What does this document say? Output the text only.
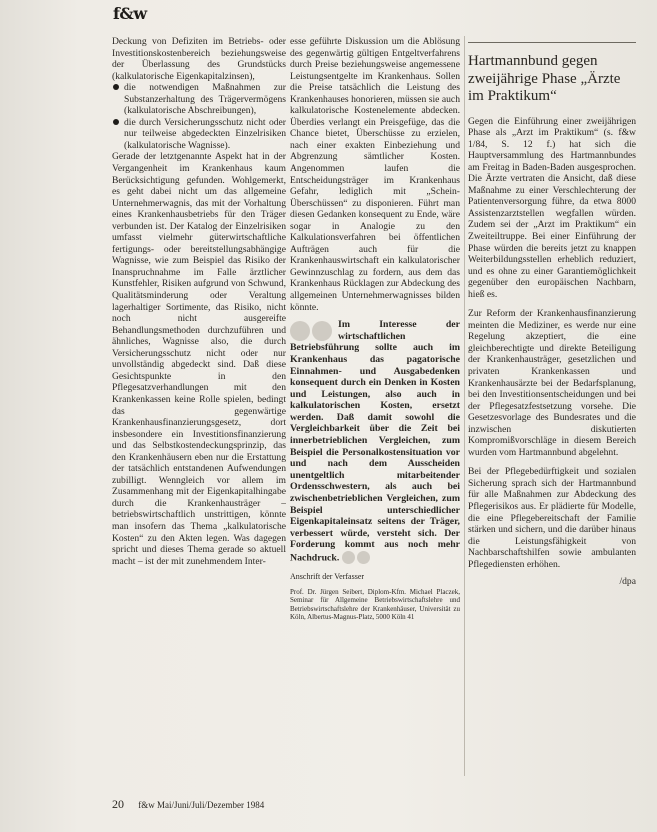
f&w

Deckung von Defiziten im Betriebs- oder Investitionskostenbereich beziehungsweise der Überlassung des Grundstücks (kalkulatorische Eigenkapitalzinsen),

die notwendigen Maßnahmen zur Substanzerhaltung des Trägervermögens (kalkulatorische Abschreibungen),
die durch Versicherungsschutz nicht oder nur teilweise abgedeckten Einzelrisiken (kalkulatorische Wagnisse).

Gerade der letztgenannte Aspekt hat in der Vergangenheit im Krankenhaus kaum Berücksichtigung gefunden. Wohlgemerkt, es geht dabei nicht um das allgemeine Unternehmerwagnis, das mit der Vorhaltung eines Krankenhausbetriebs für den Träger verbunden ist. Der Katalog der Einzelrisiken umfasst vielmehr güterwirtschaftliche fertigungs- oder bereitstellungsabhängige Wagnisse, wie zum Beispiel das Risiko der Inanspruchnahme im Falle ärztlicher Kunstfehler, Risiken aufgrund von Schwund, Qualitätsminderung oder Veraltung lagerhaltiger Sortimente, das Risiko, nicht noch nicht ausgereifte Behandlungsmethoden durchzuführen und ähnliches, Wagnisse also, die durch Versicherungsschutz nicht oder nur unvollständig abgedeckt sind. Daß diese Gesichtspunkte in den Pflegesatzverhandlungen mit den Krankenkassen keine Rolle spielen, bedingt das gegenwärtige Krankenhausfinanzierungsgesetz, dort insbesondere ein Investitionsfinanzierung und das Selbstkostendeckungsprinzip, das den Krankenhäusern eben nur die Erstattung der tatsächlich entstandenen Aufwendungen zubilligt. Wenngleich vor allem im Zusammenhang mit der Eigenkapitalhingabe durch die Krankenhausträger – betriebswirtschaftlich unstrittigen, könnte man insofern das Thema „kalkulatorische Kosten“ zu den Akten legen. Was dagegen spricht und dieses Thema gerade so aktuell macht – ist der mit zunehmendem Inter-

esse geführte Diskussion um die Ablösung des gegenwärtig gültigen Entgeltverfahrens durch Preise beziehungsweise angemessene Leistungsentgelte im Krankenhaus. Sollen die Preise tatsächlich die Leistung des Krankenhauses honorieren, müssen sie auch kalkulatorische Kostenelemente abdecken. Überdies verlangt ein Preisgefüge, das die Chance bietet, Überschüsse zu erzielen, nach einer exakten Einbeziehung und Abgrenzung sämtlicher Kosten. Angenommen laufen die Entscheidungsträger im Krankenhaus Gefahr, lediglich mit „Schein-Überschüssen“ zu disponieren. Führt man diesen Gedanken konsequent zu Ende, wäre sogar in Analogie zu den Kalkulationsverfahren bei öffentlichen Aufträgen auch für die Krankenhauswirtschaft ein kalkulatorischer Gewinnzuschlag zu fordern, aus dem das Krankenhaus Rücklagen zur Abdeckung des allgemeinen Unternehmerwagnisses bilden könnte.

Im Interesse der wirtschaftlichen Betriebsführung sollte auch im Krankenhaus das pagatorische Einnahmen- und Ausgabedenken konsequent durch ein Denken in Kosten und Leistungen, also auch in kalkulatorischen Kosten, ersetzt werden. Daß damit sowohl die Vergleichbarkeit über die Zeit bei innerbetrieblichen Vergleichen, zum Beispiel die Personalkostensituation vor und nach dem Ausscheiden unentgeltlich mitarbeitender Ordensschwestern, als auch bei zwischenbetrieblichen Vergleichen, zum Beispiel unterschiedlicher Eigenkapitaleinsatz seitens der Träger, verbessert würde, versteht sich. Der Forderung kommt aus noch mehr Nachdruck.
Anschrift der Verfasser
Prof. Dr. Jürgen Seibert, Diplom-Kfm. Michael Placzek, Seminar für Allgemeine Betriebswirtschaftslehre und Betriebswirtschaftslehre der Krankenhäuser, Universität zu Köln, Albertus-Magnus-Platz, 5000 Köln 41
Hartmannbund gegen zweijährige Phase „Ärzte im Praktikum“

Gegen die Einführung einer zweijährigen Phase als „Arzt im Praktikum“ (s. f&w 1/84, S. 12 f.) hat sich die Hauptversammlung des Hartmannbundes am Freitag in Baden-Baden ausgesprochen. Die Ärzte vertraten die Ansicht, daß diese Maßnahme zu einer Verschlechterung der Patientenversorgung führe, da etwa 8000 Assistenzarztstellen wegfallen würden. Zudem sei der „Arzt im Praktikum“ ein Zweiteiltruppe. Bei einer Einführung der Phase würden die bereits jetzt zu knappen Weiterbildungsstellen erheblich reduziert, und es ohne zu einer Garantiemöglichkeit gegenüber den europäischen Nachbarn, hieß es.

Zur Reform der Krankenhausfinanzierung meinten die Mediziner, es werde nur eine Regelung akzeptiert, die eine gleichberechtigte und direkte Beteiligung der Krankenhausträger, gesetzlichen und privaten Krankenkassen und Krankenhausärzte bei der Bedarfsplanung, bei den Investitionsentscheidungen und bei der Pflegesatzfestsetzung vorsehe. Die Gesetzesvorlage des Bundesrates und die inzwischen diskutierten Kompromißvorschläge in diesem Bereich wurden vom Hartmannbund abgelehnt.

Bei der Pflegebedürftigkeit und sozialen Sicherung sprach sich der Hartmannbund für alle Maßnahmen zur Abdeckung des Pflegerisikos aus. Er plädierte für Modelle, die eine Pflegebereitschaft der Familie stärken und sichern, und die darüber hinaus die Leistungsfähigkeit von Nachbarschaftshilfen sowie ambulanten Pflegediensten erhöhen.

/dpa

20 f&w Mai/Juni/Juli/Dezember 1984
